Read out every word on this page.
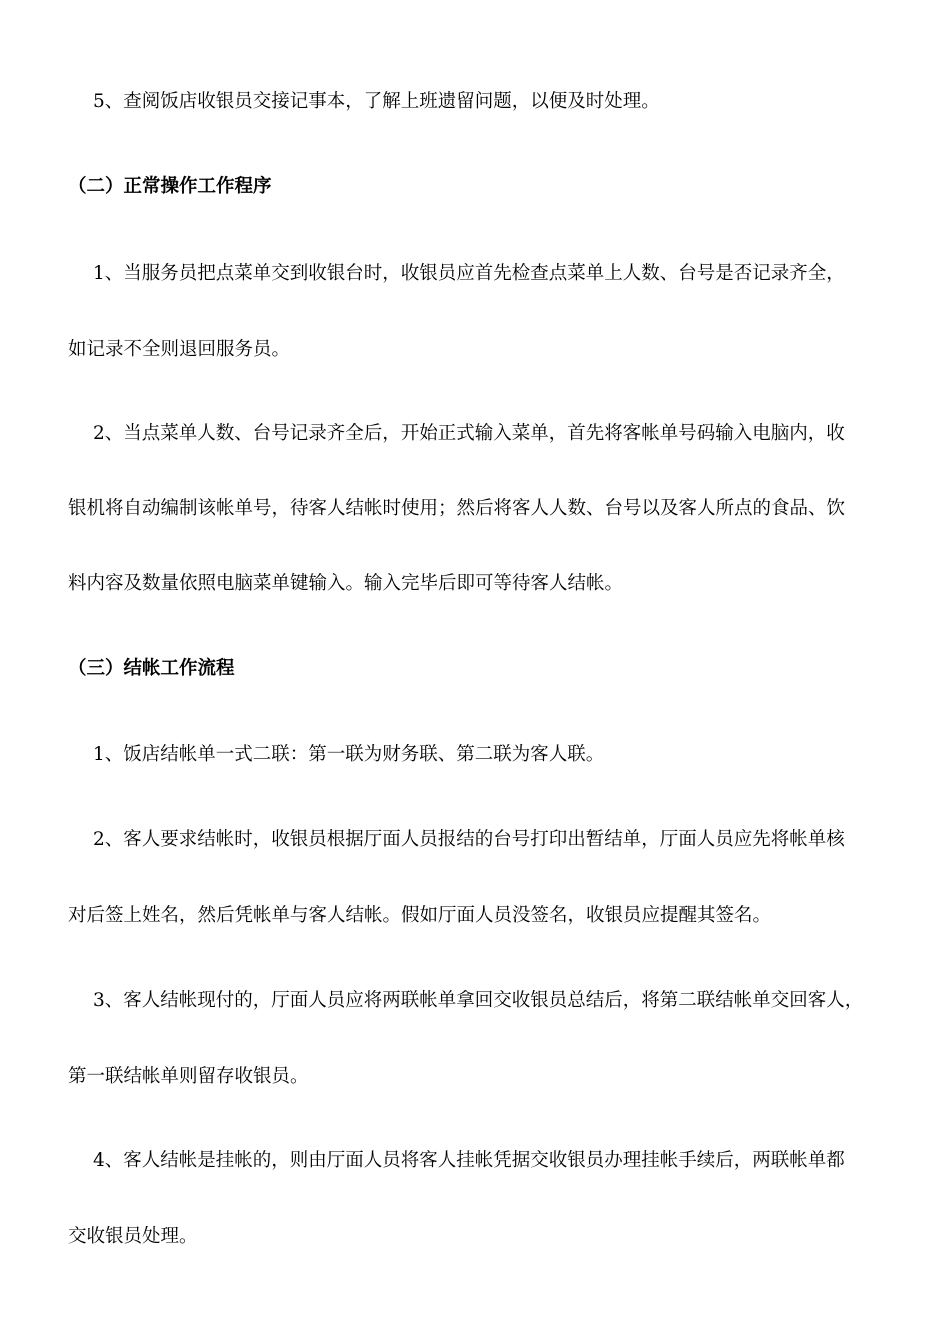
5、查阅饭店收银员交接记事本，了解上班遗留问题，以便及时处理。
（二）正常操作工作程序
1、当服务员把点菜单交到收银台时，收银员应首先检查点菜单上人数、台号是否记录齐全，
如记录不全则退回服务员。
2、当点菜单人数、台号记录齐全后，开始正式输入菜单，首先将客帐单号码输入电脑内，收
银机将自动编制该帐单号，待客人结帐时使用；然后将客人人数、台号以及客人所点的食品、饮
料内容及数量依照电脑菜单键输入。输入完毕后即可等待客人结帐。
（三）结帐工作流程
1、饭店结帐单一式二联：第一联为财务联、第二联为客人联。
2、客人要求结帐时，收银员根据厅面人员报结的台号打印出暂结单，厅面人员应先将帐单核
对后签上姓名，然后凭帐单与客人结帐。假如厅面人员没签名，收银员应提醒其签名。
3、客人结帐现付的，厅面人员应将两联帐单拿回交收银员总结后，将第二联结帐单交回客人，
第一联结帐单则留存收银员。
4、客人结帐是挂帐的，则由厅面人员将客人挂帐凭据交收银员办理挂帐手续后，两联帐单都
交收银员处理。
